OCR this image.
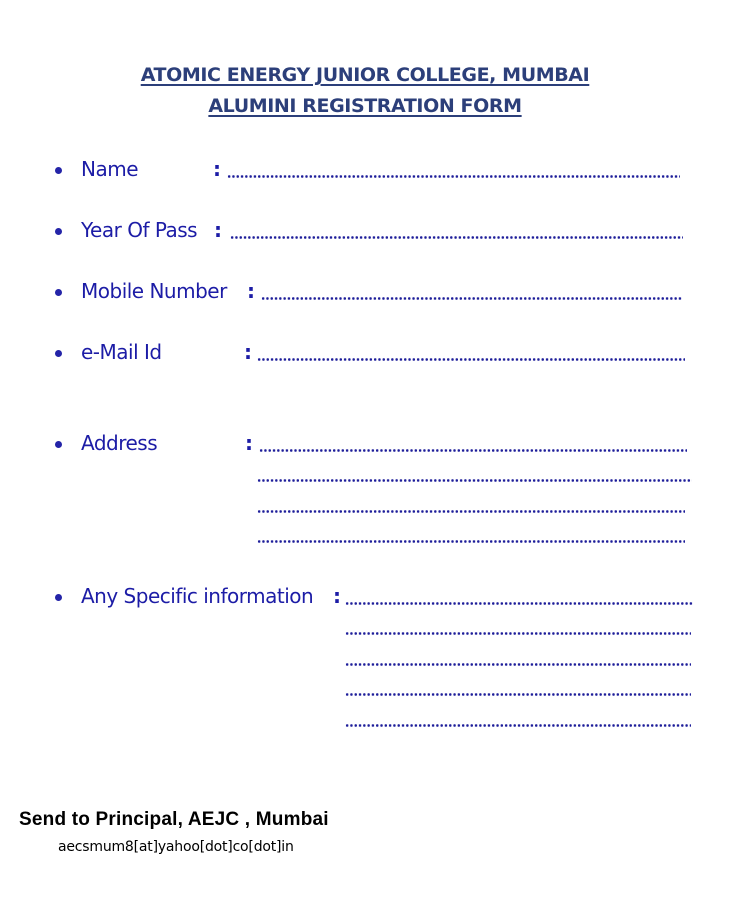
ATOMIC ENERGY JUNIOR COLLEGE, MUMBAI
ALUMINI REGISTRATION FORM
Name	:
Year Of Pass :
Mobile Number :
e-Mail Id	:
Address	:
Any Specific information :
Send to Principal, AEJC , Mumbai
aecsmum8[at]yahoo[dot]co[dot]in
